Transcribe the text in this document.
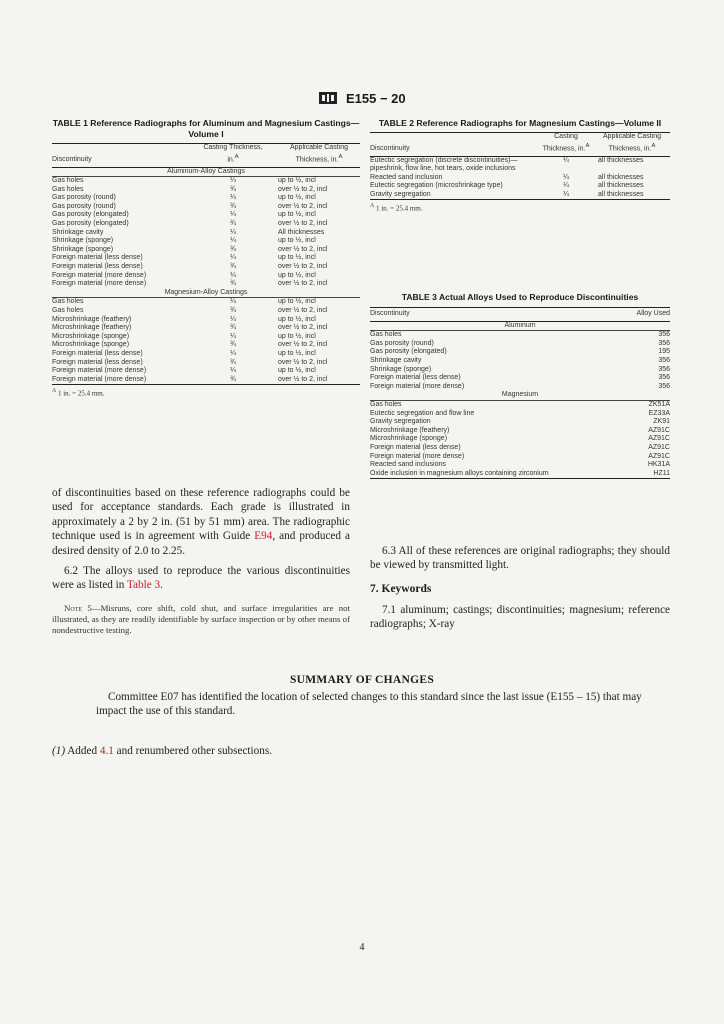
E155 − 20
TABLE 1 Reference Radiographs for Aluminum and Magnesium Castings—Volume I
Discontinuity	Casting Thickness, in.$^A$	Applicable Casting Thickness, in.$^A$
Aluminum-Alloy Castings		
Gas holes	¼	up to ½, incl
Gas holes	¾	over ½ to 2, incl
Gas porosity (round)	¼	up to ½, incl
Gas porosity (round)	¾	over ½ to 2, incl
Gas porosity (elongated)	¼	up to ½, incl
Gas porosity (elongated)	¾	over ½ to 2, incl
Shrinkage cavity	¼	All thicknesses
Shrinkage (sponge)	¼	up to ½, incl
Shrinkage (sponge)	¾	over ½ to 2, incl
Foreign material (less dense)	¼	up to ½, incl
Foreign material (less dense)	¾	over ½ to 2, incl
Foreign material (more dense)	¼	up to ½, incl
Foreign material (more dense)	¾	over ½ to 2, incl
Magnesium-Alloy Castings		
Gas holes	¼	up to ½, incl
Gas holes	¾	over ½ to 2, incl
Microshrinkage (feathery)	¼	up to ½, incl
Microshrinkage (feathery)	¾	over ½ to 2, incl
Microshrinkage (sponge)	¼	up to ½, incl
Microshrinkage (sponge)	¾	over ½ to 2, incl
Foreign material (less dense)	¼	up to ½, incl
Foreign material (less dense)	¾	over ½ to 2, incl
Foreign material (more dense)	¼	up to ½, incl
Foreign material (more dense)	¾	over ½ to 2, incl
$^A$ 1 in. = 25.4 mm.
TABLE 2 Reference Radiographs for Magnesium Castings—Volume II
Discontinuity	Casting Thickness, in.$^A$	Applicable Casting Thickness, in.$^A$
Eutectic segregation (discrete discontinuities)—pipeshrink, flow line, hot tears, oxide inclusions	¼	all thicknesses
Reacted sand inclusion	¼	all thicknesses
Eutectic segregation (microshrinkage type)	¼	all thicknesses
Gravity segregation	¼	all thicknesses
$^A$ 1 in. = 25.4 mm.
TABLE 3 Actual Alloys Used to Reproduce Discontinuities
Discontinuity	Alloy Used
Aluminum	
Gas holes	356
Gas porosity (round)	356
Gas porosity (elongated)	195
Shrinkage cavity	356
Shrinkage (sponge)	356
Foreign material (less dense)	356
Foreign material (more dense)	356
Magnesium	
Gas holes	ZK51A
Eutectic segregation and flow line	EZ33A
Gravity segregation	ZK91
Microshrinkage (feathery)	AZ91C
Microshrinkage (sponge)	AZ91C
Foreign material (less dense)	AZ91C
Foreign material (more dense)	AZ91C
Reacted sand inclusions	HK31A
Oxide inclusion in magnesium alloys containing zirconium	HZ11

of discontinuities based on these reference radiographs could be used for acceptance standards. Each grade is illustrated in approximately a 2 by 2 in. (51 by 51 mm) area. The radiographic technique used is in agreement with Guide E94, and produced a desired density of 2.0 to 2.25.

6.2 The alloys used to reproduce the various discontinuities were as listed in Table 3.

Note 5—Misruns, core shift, cold shut, and surface irregularities are not illustrated, as they are readily identifiable by surface inspection or by other means of nondestructive testing.

6.3 All of these references are original radiographs; they should be viewed by transmitted light.

7. Keywords

7.1 aluminum; castings; discontinuities; magnesium; reference radiographs; X-ray

SUMMARY OF CHANGES

Committee E07 has identified the location of selected changes to this standard since the last issue (E155 – 15) that may impact the use of this standard.

(1) Added 4.1 and renumbered other subsections.

4
